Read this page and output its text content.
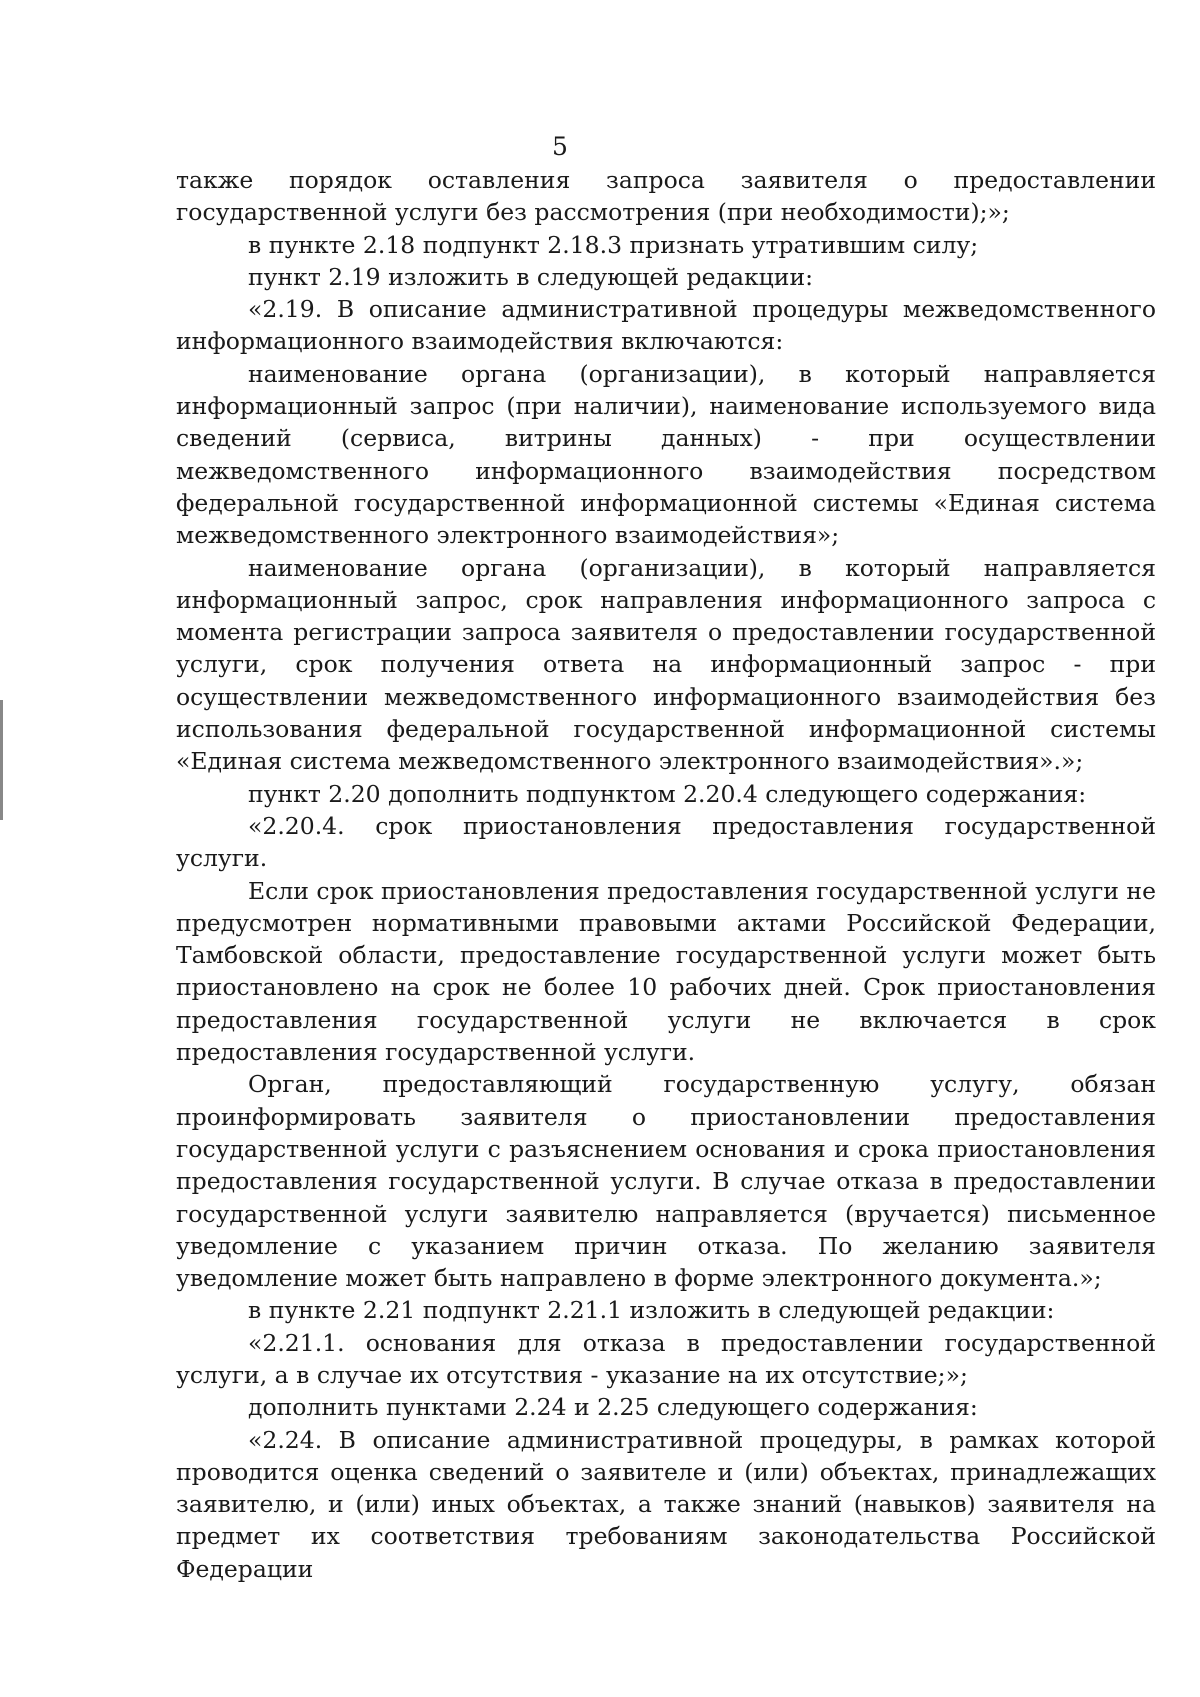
5

также порядок оставления запроса заявителя о предоставлении государственной услуги без рассмотрения (при необходимости);»;

в пункте 2.18 подпункт 2.18.3 признать утратившим силу;

пункт 2.19 изложить в следующей редакции:

«2.19. В описание административной процедуры межведомственного информационного взаимодействия включаются:

наименование органа (организации), в который направляется информационный запрос (при наличии), наименование используемого вида сведений (сервиса, витрины данных) - при осуществлении межведомственного информационного взаимодействия посредством федеральной государственной информационной системы «Единая система межведомственного электронного взаимодействия»;

наименование органа (организации), в который направляется информационный запрос, срок направления информационного запроса с момента регистрации запроса заявителя о предоставлении государственной услуги, срок получения ответа на информационный запрос - при осуществлении межведомственного информационного взаимодействия без использования федеральной государственной информационной системы «Единая система межведомственного электронного взаимодействия».»;

пункт 2.20 дополнить подпунктом 2.20.4 следующего содержания:

«2.20.4. срок приостановления предоставления государственной услуги.

Если срок приостановления предоставления государственной услуги не предусмотрен нормативными правовыми актами Российской Федерации, Тамбовской области, предоставление государственной услуги может быть приостановлено на срок не более 10 рабочих дней. Срок приостановления предоставления государственной услуги не включается в срок предоставления государственной услуги.

Орган, предоставляющий государственную услугу, обязан проинформировать заявителя о приостановлении предоставления государственной услуги с разъяснением основания и срока приостановления предоставления государственной услуги. В случае отказа в предоставлении государственной услуги заявителю направляется (вручается) письменное уведомление с указанием причин отказа. По желанию заявителя уведомление может быть направлено в форме электронного документа.»;

в пункте 2.21 подпункт 2.21.1 изложить в следующей редакции:

«2.21.1. основания для отказа в предоставлении государственной услуги, а в случае их отсутствия - указание на их отсутствие;»;

дополнить пунктами 2.24 и 2.25 следующего содержания:

«2.24. В описание административной процедуры, в рамках которой проводится оценка сведений о заявителе и (или) объектах, принадлежащих заявителю, и (или) иных объектах, а также знаний (навыков) заявителя на предмет их соответствия требованиям законодательства Российской Федерации
